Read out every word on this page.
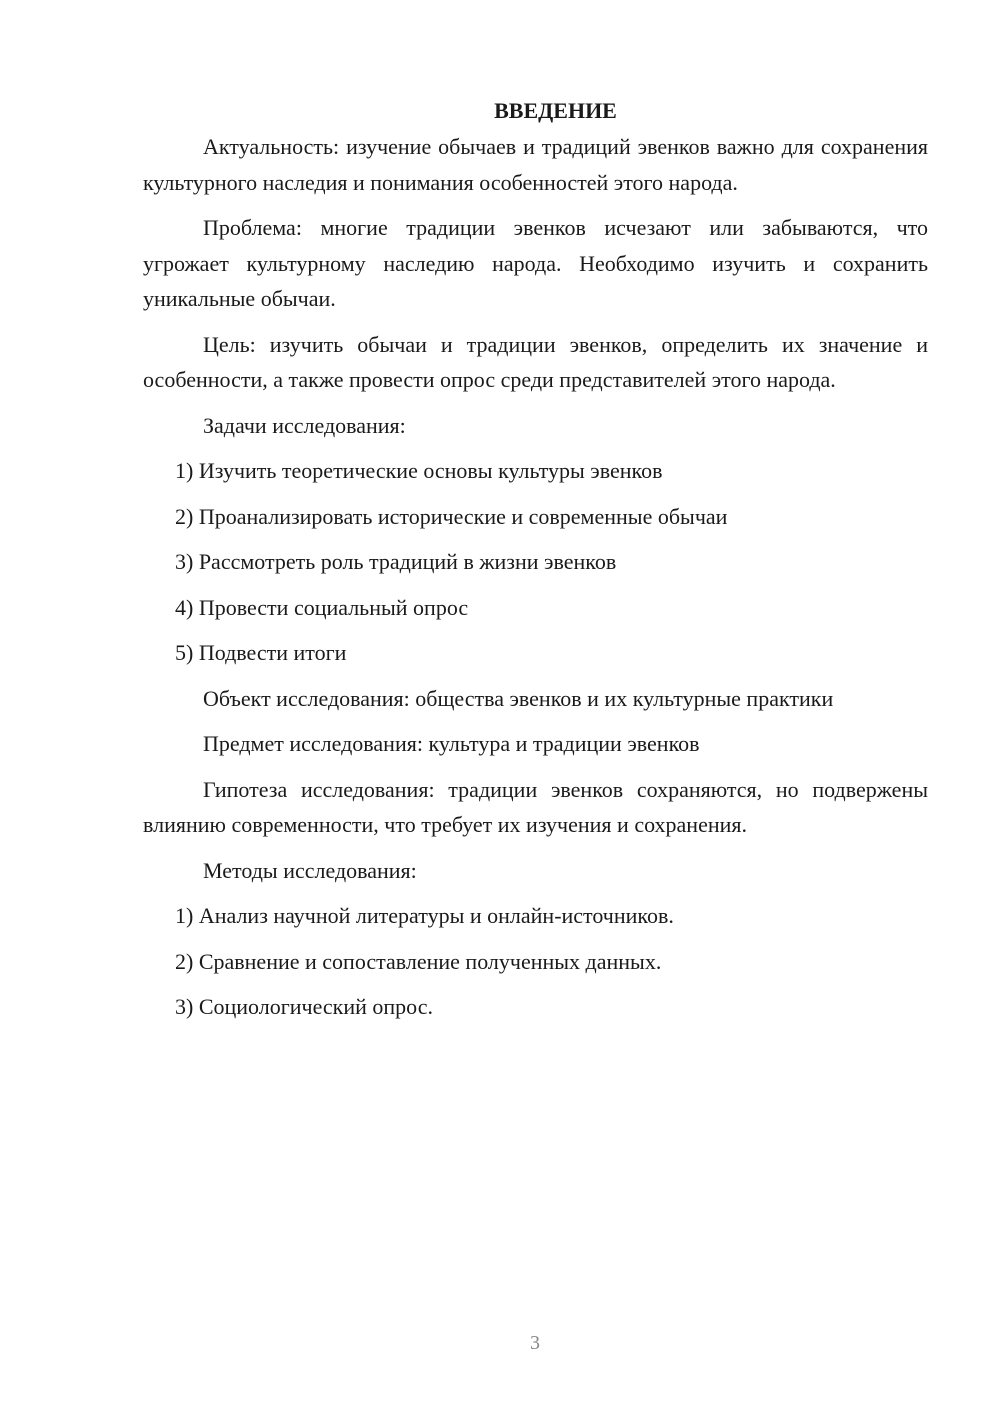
ВВЕДЕНИЕ

Актуальность: изучение обычаев и традиций эвенков важно для сохранения культурного наследия и понимания особенностей этого народа.

Проблема: многие традиции эвенков исчезают или забываются, что угрожает культурному наследию народа. Необходимо изучить и сохранить уникальные обычаи.

Цель: изучить обычаи и традиции эвенков, определить их значение и особенности, а также провести опрос среди представителей этого народа.

Задачи исследования:
1) Изучить теоретические основы культуры эвенков
2) Проанализировать исторические и современные обычаи
3) Рассмотреть роль традиций в жизни эвенков
4) Провести социальный опрос
5) Подвести итоги
Объект исследования: общества эвенков и их культурные практики
Предмет исследования: культура и традиции эвенков

Гипотеза исследования: традиции эвенков сохраняются, но подвержены влиянию современности, что требует их изучения и сохранения.

Методы исследования:
1) Анализ научной литературы и онлайн-источников.
2) Сравнение и сопоставление полученных данных.
3) Социологический опрос.
3
